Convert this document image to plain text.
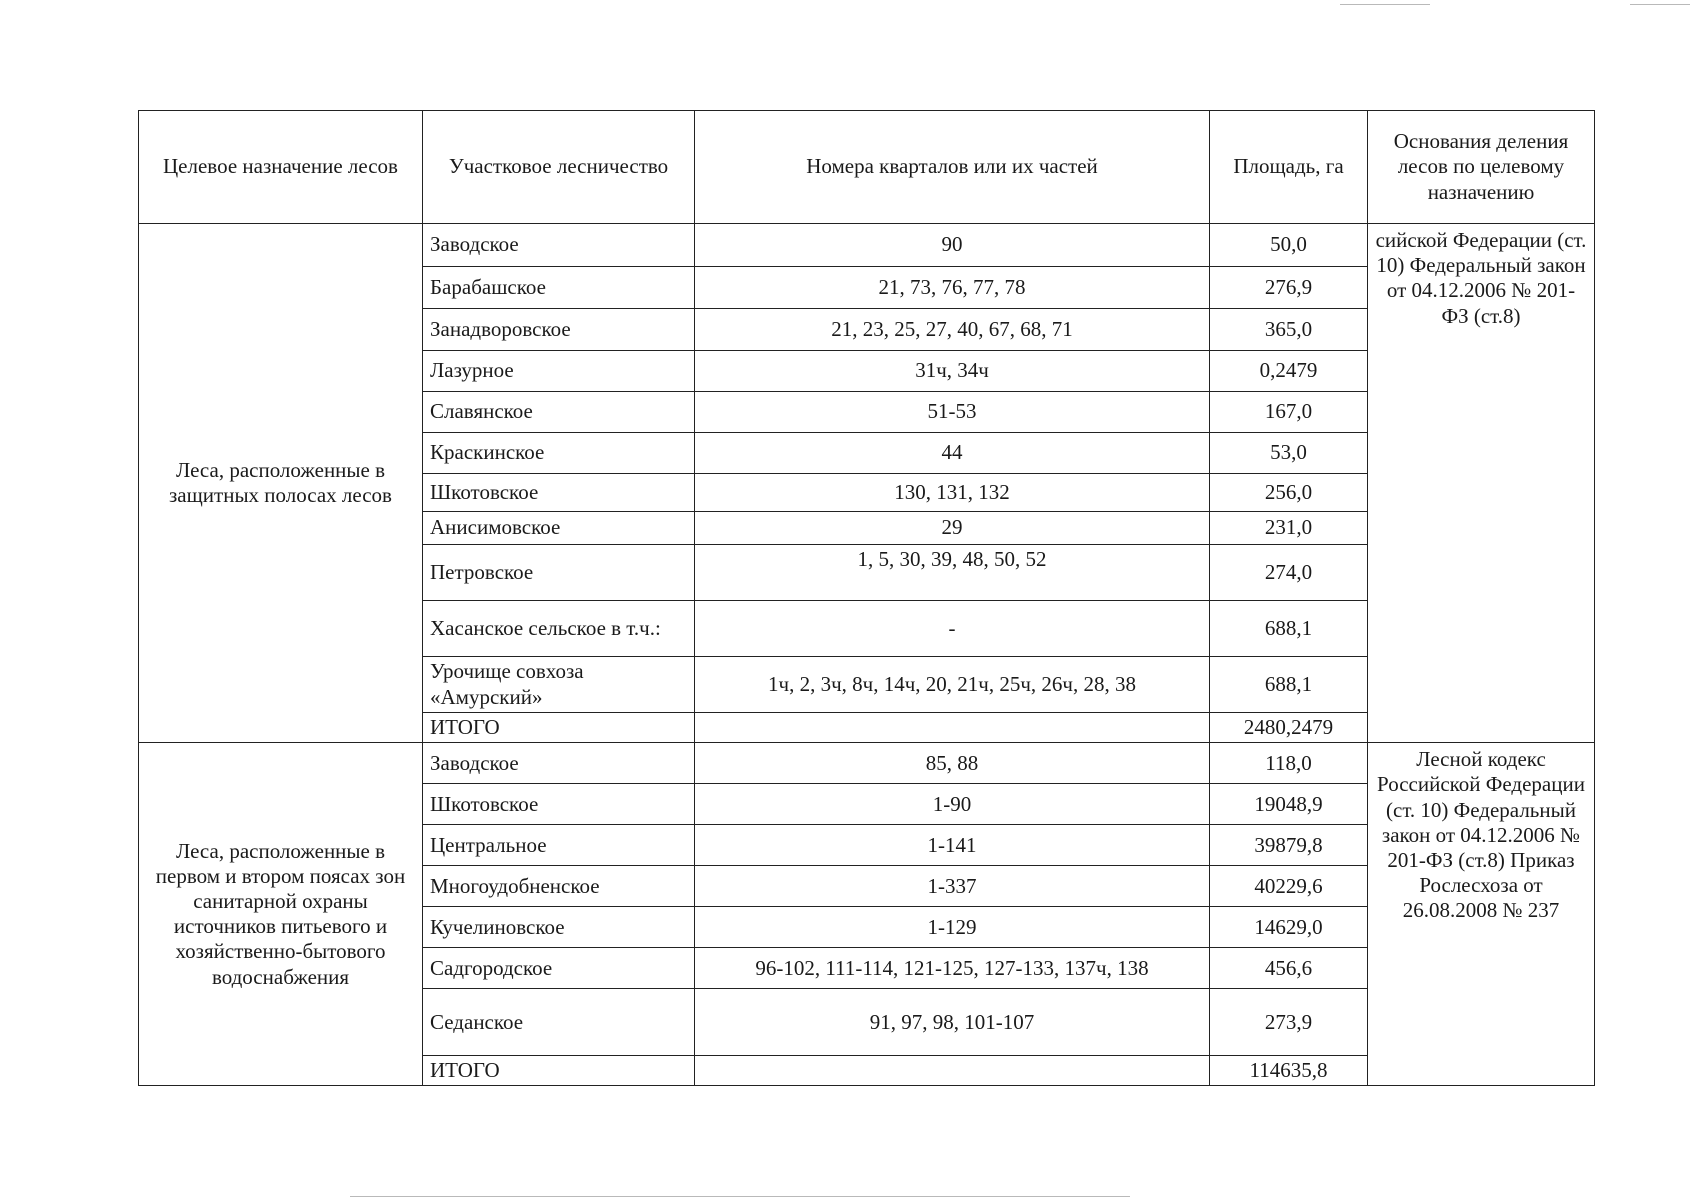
Целевое назначение лесов	Участковое лесничество	Номера кварталов или их частей	Площадь, га	Основания деления лесов по целевому назначению
Леса, расположенные в защитных полосах лесов	Заводское	90	50,0	сийской Федерации (ст. 10) Федеральный закон от 04.12.2006 № 201-ФЗ (ст.8)
	Барабашское	21, 73, 76, 77, 78	276,9	
	Занадворовское	21, 23, 25, 27, 40, 67, 68, 71	365,0	
	Лазурное	31ч, 34ч	0,2479	
	Славянское	51-53	167,0	
	Краскинское	44	53,0	
	Шкотовское	130, 131, 132	256,0	
	Анисимовское	29	231,0	
	Петровское	1, 5, 30, 39, 48, 50, 52	274,0	
	Хасанское сельское в т.ч.:	-	688,1	
	Урочище совхоза «Амурский»	1ч, 2, 3ч, 8ч, 14ч, 20, 21ч, 25ч, 26ч, 28, 38	688,1	
	ИТОГО		2480,2479	
Леса, расположенные в первом и втором поясах зон санитарной охраны источников питьевого и хозяйственно-бытового водоснабжения	Заводское	85, 88	118,0	Лесной кодекс Российской Федерации (ст. 10) Федеральный закон от 04.12.2006 № 201-ФЗ (ст.8) Приказ Рослесхоза от 26.08.2008 № 237
	Шкотовское	1-90	19048,9	
	Центральное	1-141	39879,8	
	Многоудобненское	1-337	40229,6	
	Кучелиновское	1-129	14629,0	
	Садгородское	96-102, 111-114, 121-125, 127-133, 137ч, 138	456,6	
	Седанское	91, 97, 98, 101-107	273,9	
	ИТОГО		114635,8	
